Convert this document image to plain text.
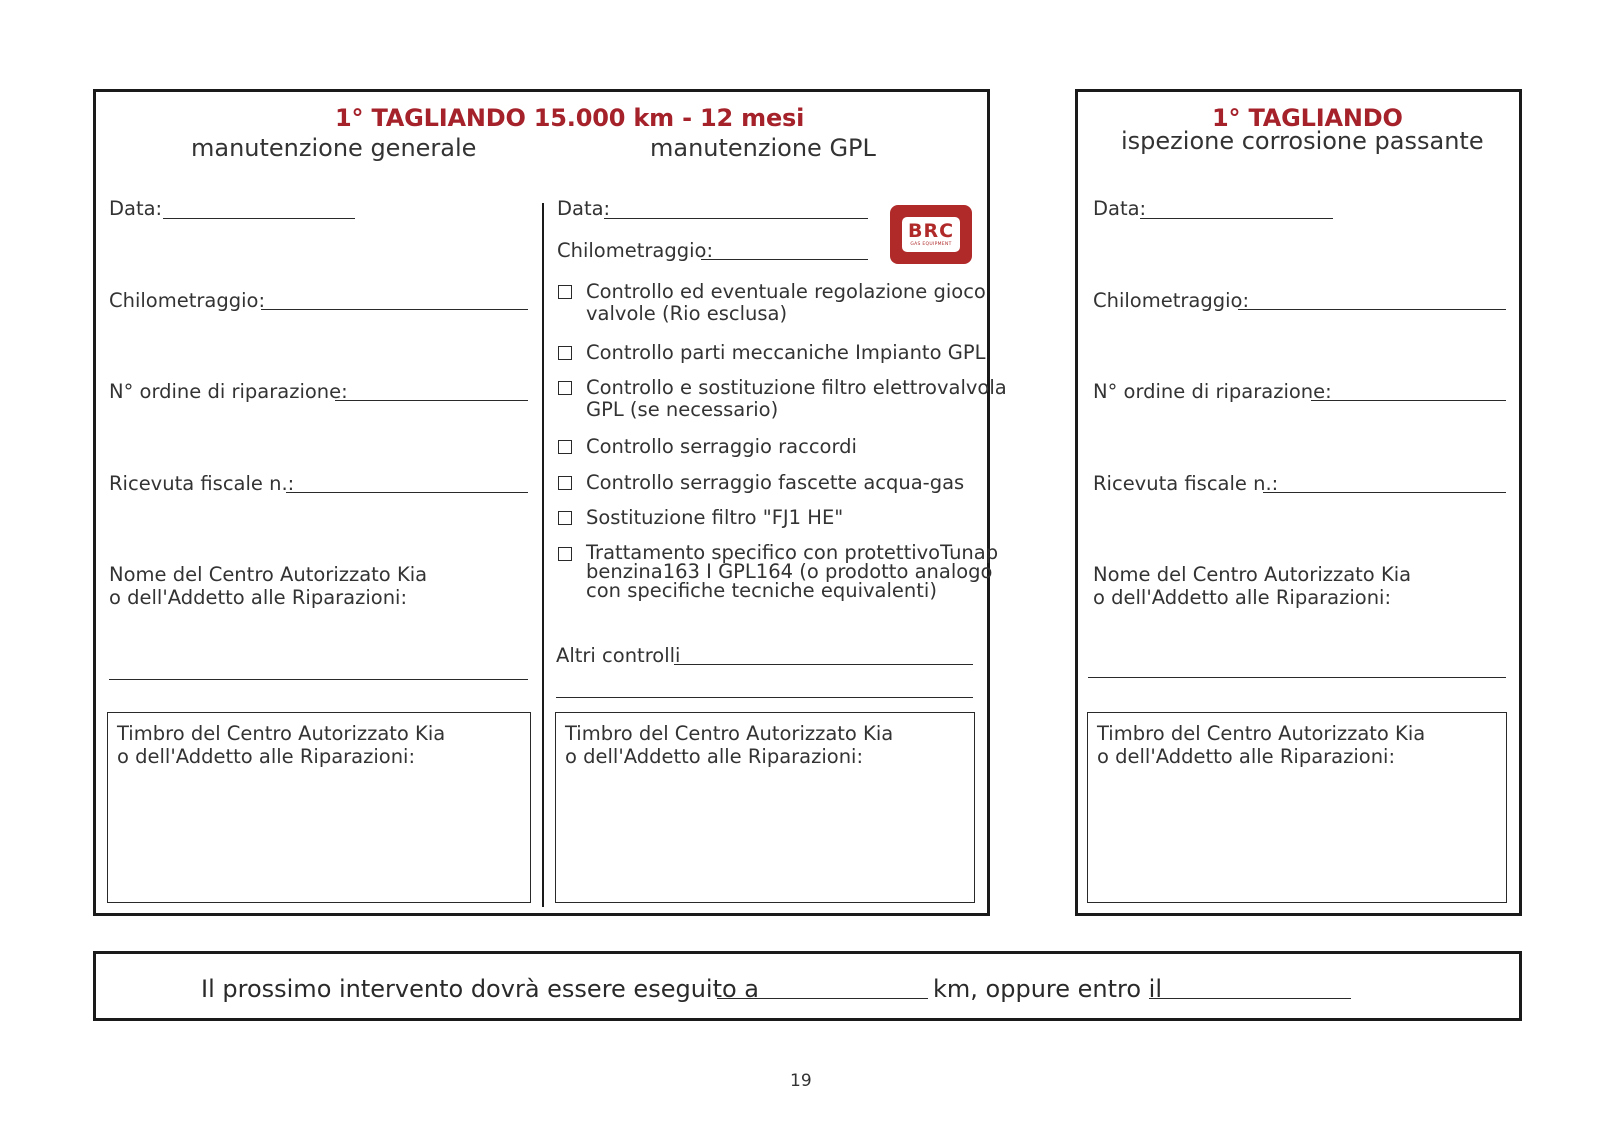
1° TAGLIANDO 15.000 km - 12 mesi
manutenzione generale	manutenzione GPL
Data:
Chilometraggio:
N° ordine di riparazione:
Ricevuta fiscale n.:
Nome del Centro Autorizzato Kia
o dell'Addetto alle Riparazioni:
Timbro del Centro Autorizzato Kia
o dell'Addetto alle Riparazioni:
Data:
Chilometraggio:
BRC
GAS EQUIPMENT
Controllo ed eventuale regolazione gioco
valvole (Rio esclusa)
Controllo parti meccaniche Impianto GPL
Controllo e sostituzione filtro elettrovalvola
GPL (se necessario)
Controllo serraggio raccordi
Controllo serraggio fascette acqua-gas
Sostituzione filtro "FJ1 HE"
Trattamento specifico con protettivoTunap
benzina163 I GPL164 (o prodotto analogo
con specifiche tecniche equivalenti)
Altri controlli
Timbro del Centro Autorizzato Kia
o dell'Addetto alle Riparazioni:
1° TAGLIANDO
ispezione corrosione passante
Data:
Chilometraggio:
N° ordine di riparazione:
Ricevuta fiscale n.:
Nome del Centro Autorizzato Kia
o dell'Addetto alle Riparazioni:
Timbro del Centro Autorizzato Kia
o dell'Addetto alle Riparazioni:
Il prossimo intervento dovrà essere eseguito a	km, oppure entro il
19
